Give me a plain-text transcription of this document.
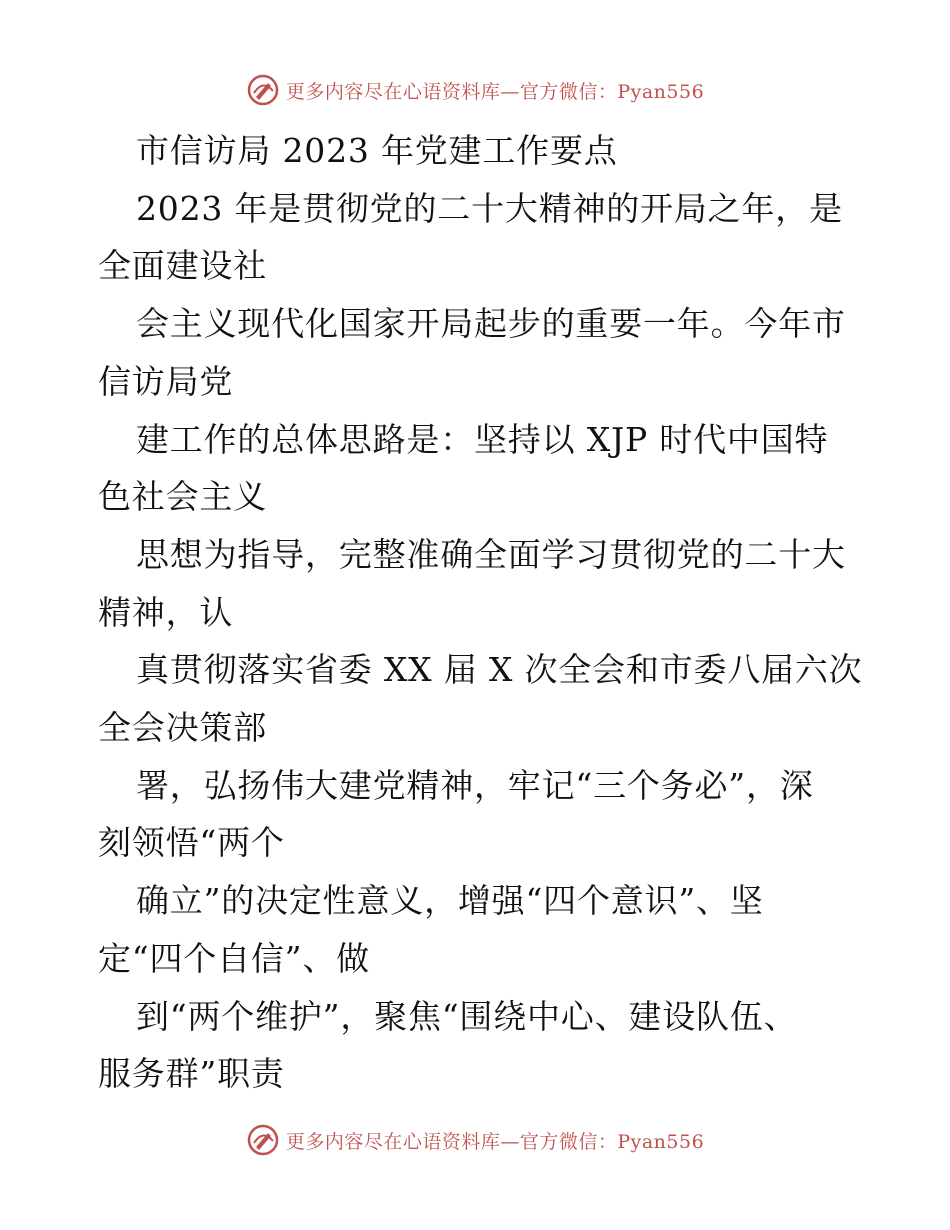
更多内容尽在心语资料库—官方微信：Pyan556
市信访局 2023 年党建工作要点
2023 年是贯彻党的二十大精神的开局之年，是
全面建设社
会主义现代化国家开局起步的重要一年。今年市
信访局党
建工作的总体思路是：坚持以 XJP 时代中国特
色社会主义
思想为指导，完整准确全面学习贯彻党的二十大
精神，认
真贯彻落实省委 XX 届 X 次全会和市委八届六次
全会决策部
署，弘扬伟大建党精神，牢记“三个务必”，深
刻领悟“两个
确立”的决定性意义，增强“四个意识”、坚
定“四个自信”、做
到“两个维护”，聚焦“围绕中心、建设队伍、
服务群”职责
更多内容尽在心语资料库—官方微信：Pyan556
